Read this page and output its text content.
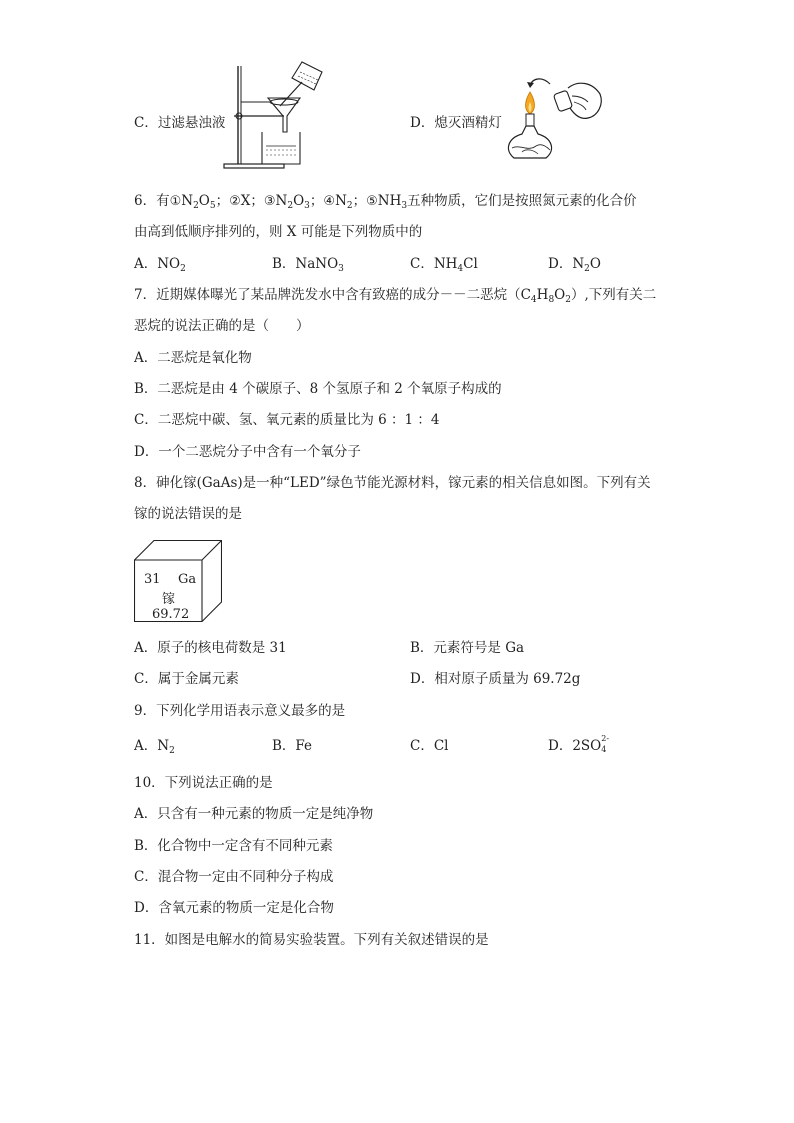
C．过滤悬浊液	D．熄灭酒精灯
6．有$①N_2O_5$；②X；$③N_2O_3$；$④N_2$；$⑤NH_3$五种物质，它们是按照氮元素的化合价
由高到低顺序排列的，则 X 可能是下列物质中的
A．$NO_2$	B．NaNO$_3$	C．$NH_4Cl$	D．$N_2O$
7．近期媒体曝光了某品牌洗发水中含有致癌的成分－－二恶烷$(C_4H_8O_2)$,下列有关二
恶烷的说法正确的是（　　）
A．二恶烷是氧化物
B．二恶烷是由 4 个碳原子、8 个氢原子和 2 个氧原子构成的
C．二恶烷中碳、氢、氧元素的质量比为 6 ：1 ：4
D．一个二恶烷分子中含有一个氧分子
8．砷化镓(GaAs)是一种“LED”绿色节能光源材料，镓元素的相关信息如图。下列有关
镓的说法错误的是
31 Ga
镓
69.72
A．原子的核电荷数是 31	B．元素符号是 Ga
C．属于金属元素	D．相对原子质量为 69.72g
9．下列化学用语表示意义最多的是
A．$N_2$	B．Fe	C．Cl	D．2SO 2-
4
10．下列说法正确的是
A．只含有一种元素的物质一定是纯净物
B．化合物中一定含有不同种元素
C．混合物一定由不同种分子构成
D．含氧元素的物质一定是化合物
11．如图是电解水的简易实验装置。下列有关叙述错误的是
